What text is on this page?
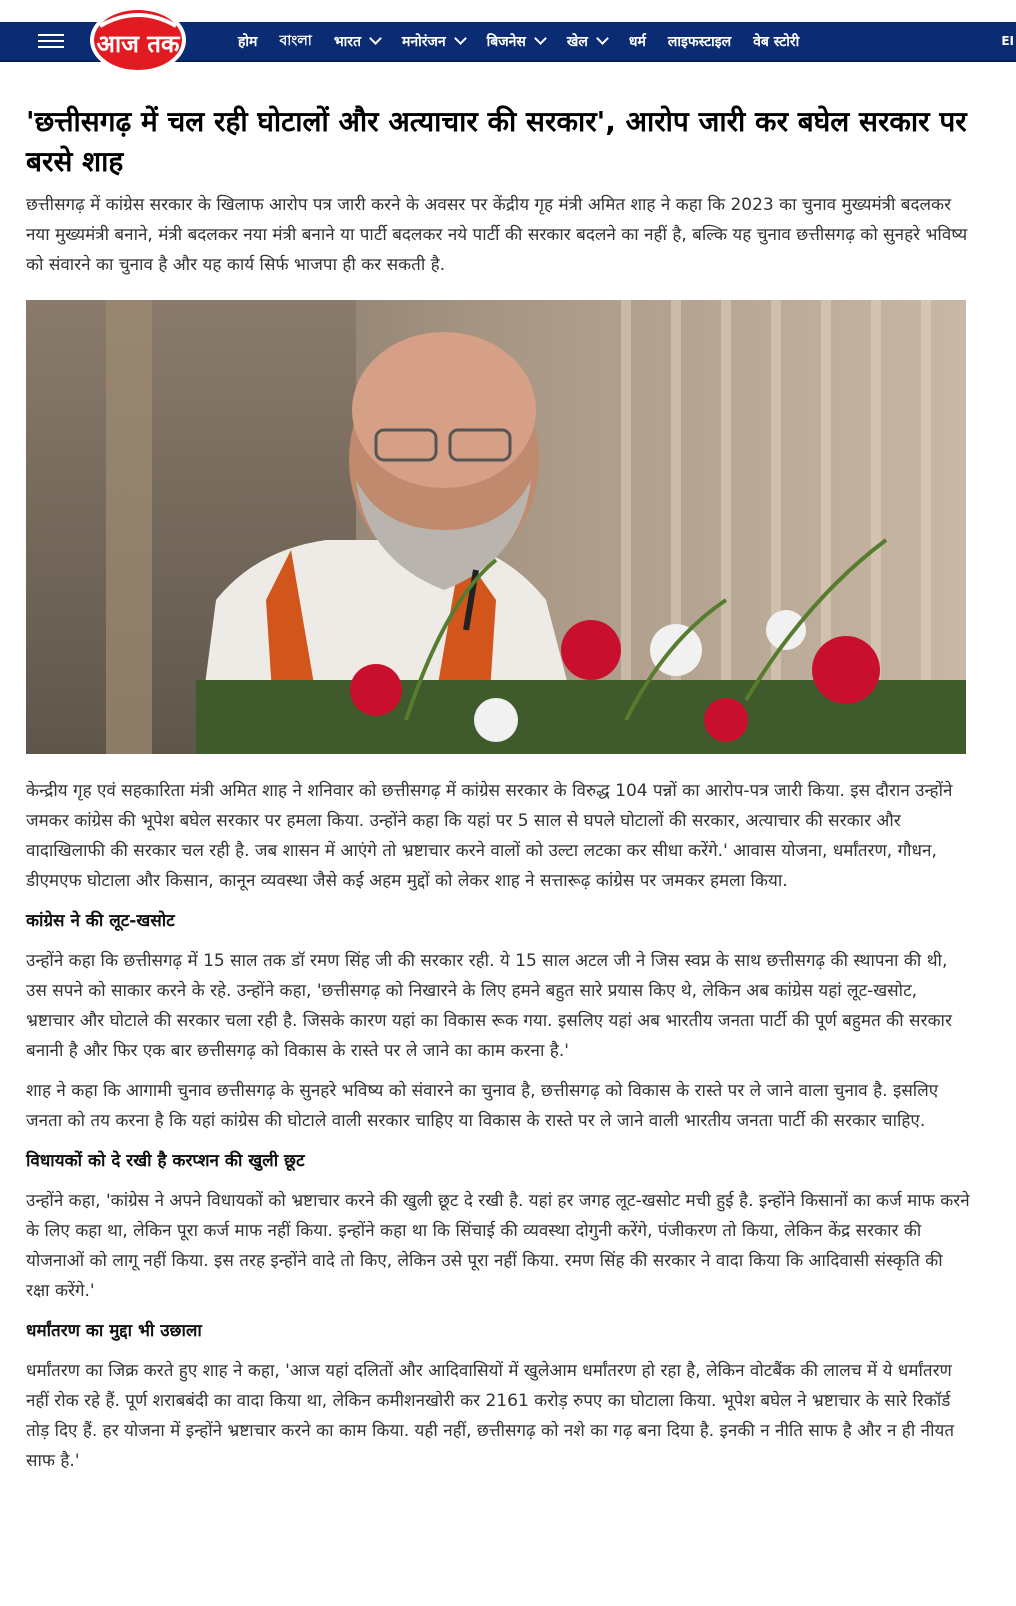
आज तक	होम বাংলা भारत	मनोरंजन	बिजनेस	खेल	धर्म लाइफस्टाइल वेब स्टोरी	EI
'छत्तीसगढ़ में चल रही घोटालों और अत्याचार की सरकार', आरोप जारी कर बघेल सरकार पर बरसे शाह
छत्तीसगढ़ में कांग्रेस सरकार के खिलाफ आरोप पत्र जारी करने के अवसर पर केंद्रीय गृह मंत्री अमित शाह ने कहा कि 2023 का चुनाव मुख्यमंत्री बदलकर नया मुख्यमंत्री बनाने, मंत्री बदलकर नया मंत्री बनाने या पार्टी बदलकर नये पार्टी की सरकार बदलने का नहीं है, बल्कि यह चुनाव छत्तीसगढ़ को सुनहरे भविष्य को संवारने का चुनाव है और यह कार्य सिर्फ भाजपा ही कर सकती है.

केन्द्रीय गृह एवं सहकारिता मंत्री अमित शाह ने शनिवार को छत्तीसगढ़ में कांग्रेस सरकार के विरुद्ध 104 पन्नों का आरोप-पत्र जारी किया. इस दौरान उन्होंने जमकर कांग्रेस की भूपेश बघेल सरकार पर हमला किया. उन्होंने कहा कि यहां पर 5 साल से घपले घोटालों की सरकार, अत्याचार की सरकार और वादाखिलाफी की सरकार चल रही है. जब शासन में आएंगे तो भ्रष्टाचार करने वालों को उल्टा लटका कर सीधा करेंगे.' आवास योजना, धर्मांतरण, गौधन, डीएमएफ घोटाला और किसान, कानून व्यवस्था जैसे कई अहम मुद्दों को लेकर शाह ने सत्तारूढ़ कांग्रेस पर जमकर हमला किया.

कांग्रेस ने की लूट-खसोट

उन्होंने कहा कि छत्तीसगढ़ में 15 साल तक डॉ रमण सिंह जी की सरकार रही. ये 15 साल अटल जी ने जिस स्वप्न के साथ छत्तीसगढ़ की स्थापना की थी, उस सपने को साकार करने के रहे. उन्होंने कहा, 'छत्तीसगढ़ को निखारने के लिए हमने बहुत सारे प्रयास किए थे, लेकिन अब कांग्रेस यहां लूट-खसोट, भ्रष्टाचार और घोटाले की सरकार चला रही है. जिसके कारण यहां का विकास रूक गया. इसलिए यहां अब भारतीय जनता पार्टी की पूर्ण बहुमत की सरकार बनानी है और फिर एक बार छत्तीसगढ़ को विकास के रास्ते पर ले जाने का काम करना है.'

शाह ने कहा कि आगामी चुनाव छत्तीसगढ़ के सुनहरे भविष्य को संवारने का चुनाव है, छत्तीसगढ़ को विकास के रास्ते पर ले जाने वाला चुनाव है. इसलिए जनता को तय करना है कि यहां कांग्रेस की घोटाले वाली सरकार चाहिए या विकास के रास्ते पर ले जाने वाली भारतीय जनता पार्टी की सरकार चाहिए.

विधायकों को दे रखी है करप्शन की खुली छूट

उन्होंने कहा, 'कांग्रेस ने अपने विधायकों को भ्रष्टाचार करने की खुली छूट दे रखी है. यहां हर जगह लूट-खसोट मची हुई है. इन्होंने किसानों का कर्ज माफ करने के लिए कहा था, लेकिन पूरा कर्ज माफ नहीं किया. इन्होंने कहा था कि सिंचाई की व्यवस्था दोगुनी करेंगे, पंजीकरण तो किया, लेकिन केंद्र सरकार की योजनाओं को लागू नहीं किया. इस तरह इन्होंने वादे तो किए, लेकिन उसे पूरा नहीं किया. रमण सिंह की सरकार ने वादा किया कि आदिवासी संस्कृति की रक्षा करेंगे.'

धर्मांतरण का मुद्दा भी उछाला

धर्मांतरण का जिक्र करते हुए शाह ने कहा, 'आज यहां दलितों और आदिवासियों में खुलेआम धर्मांतरण हो रहा है, लेकिन वोटबैंक की लालच में ये धर्मांतरण नहीं रोक रहे हैं. पूर्ण शराबबंदी का वादा किया था, लेकिन कमीशनखोरी कर 2161 करोड़ रुपए का घोटाला किया. भूपेश बघेल ने भ्रष्टाचार के सारे रिकॉर्ड तोड़ दिए हैं. हर योजना में इन्होंने भ्रष्टाचार करने का काम किया. यही नहीं, छत्तीसगढ़ को नशे का गढ़ बना दिया है. इनकी न नीति साफ है और न ही नीयत साफ है.'
